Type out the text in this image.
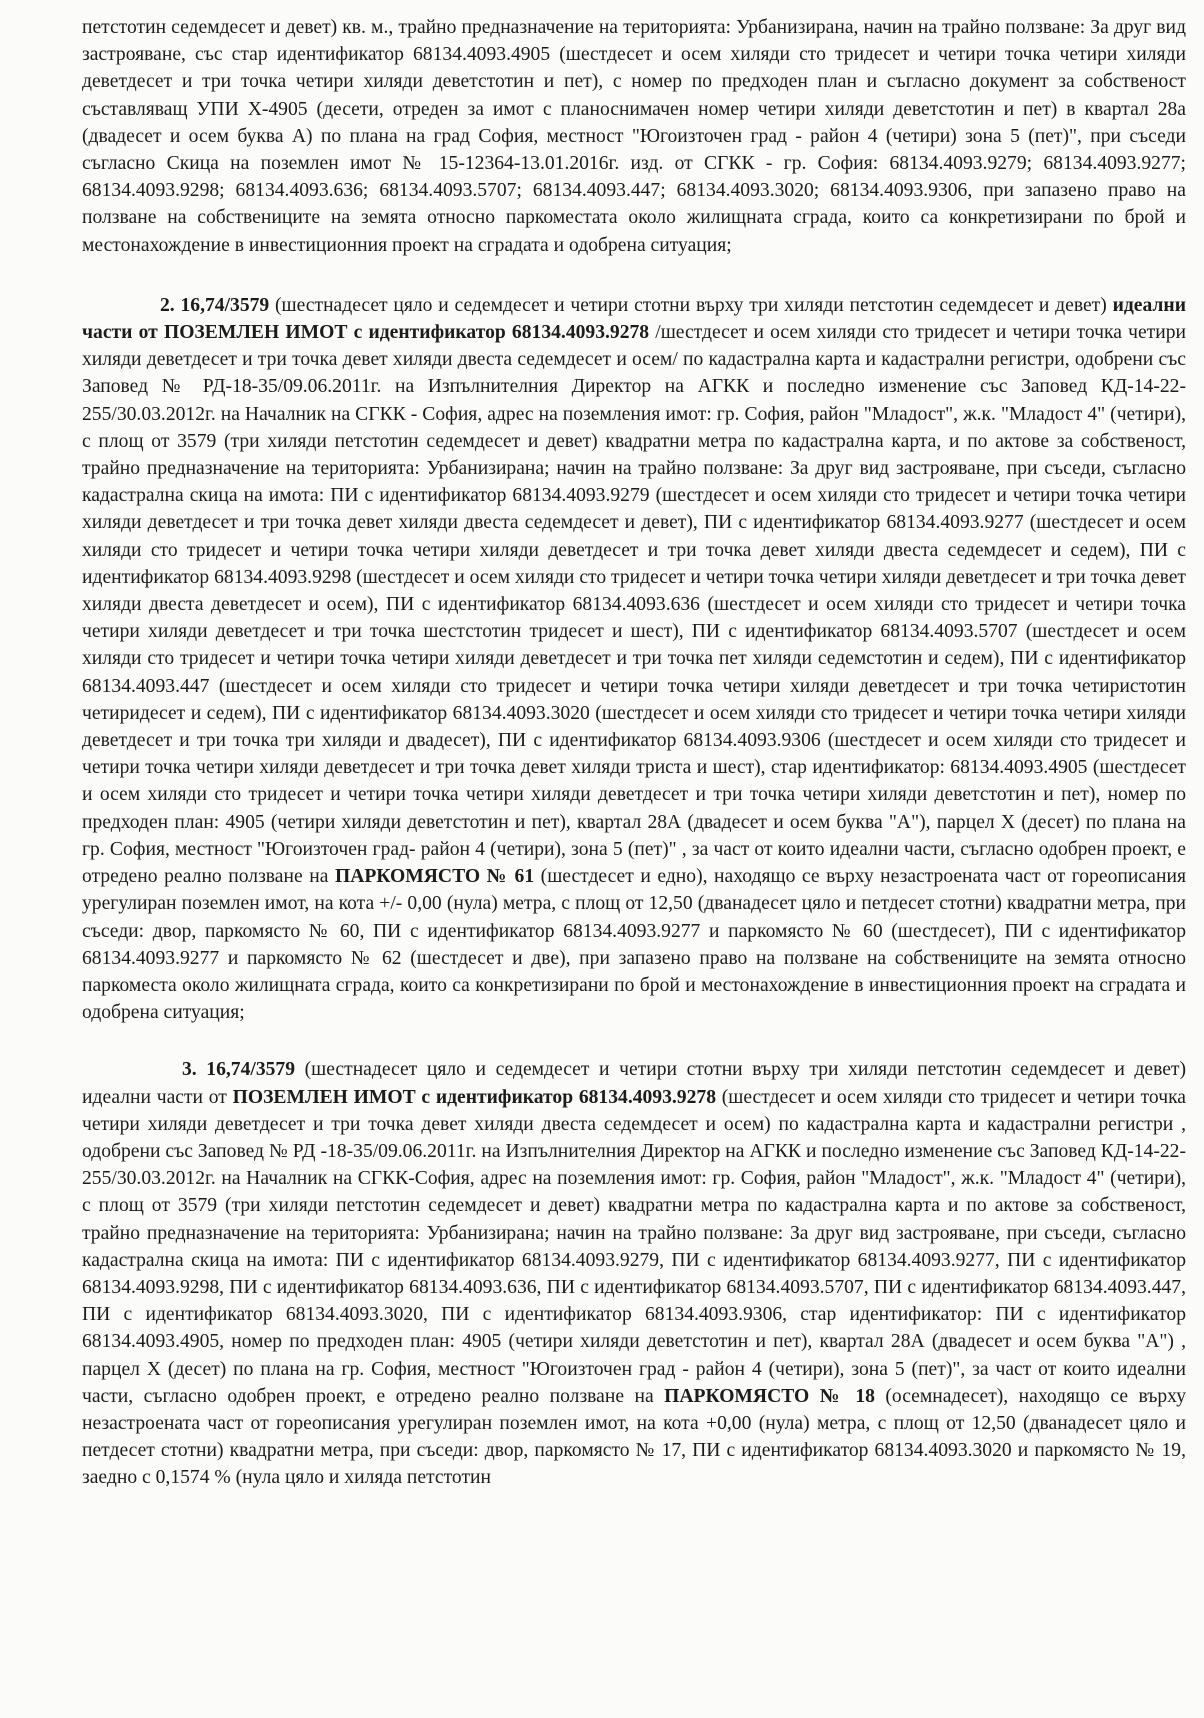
петстотин седемдесет и девет) кв. м., трайно предназначение на територията: Урбанизирана, начин на трайно ползване: За друг вид застрояване, със стар идентификатор 68134.4093.4905 (шестдесет и осем хиляди сто тридесет и четири точка четири хиляди деветдесет и три точка четири хиляди деветстотин и пет), с номер по предходен план и съгласно документ за собственост съставляващ УПИ Х-4905 (десети, отреден за имот с планоснимачен номер четири хиляди деветстотин и пет) в квартал 28а (двадесет и осем буква А) по плана на град София, местност "Югоизточен град - район 4 (четири) зона 5 (пет)", при съседи съгласно Скица на поземлен имот № 15-12364-13.01.2016г. изд. от СГКК - гр. София: 68134.4093.9279; 68134.4093.9277; 68134.4093.9298; 68134.4093.636; 68134.4093.5707; 68134.4093.447; 68134.4093.3020; 68134.4093.9306, при запазено право на ползване на собствениците на земята относно паркоместата около жилищната сграда, които са конкретизирани по брой и местонахождение в инвестиционния проект на сградата и одобрена ситуация;

2. 16,74/3579 (шестнадесет цяло и седемдесет и четири стотни върху три хиляди петстотин седемдесет и девет) идеални части от ПОЗЕМЛЕН ИМОТ с идентификатор 68134.4093.9278 /шестдесет и осем хиляди сто тридесет и четири точка четири хиляди деветдесет и три точка девет хиляди двеста седемдесет и осем/ по кадастрална карта и кадастрални регистри, одобрени със Заповед № РД-18-35/09.06.2011г. на Изпълнителния Директор на АГКК и последно изменение със Заповед КД-14-22-255/30.03.2012г. на Началник на СГКК - София, адрес на поземления имот: гр. София, район "Младост", ж.к. "Младост 4" (четири), с площ от 3579 (три хиляди петстотин седемдесет и девет) квадратни метра по кадастрална карта, и по актове за собственост, трайно предназначение на територията: Урбанизирана; начин на трайно ползване: За друг вид застрояване, при съседи, съгласно кадастрална скица на имота: ПИ с идентификатор 68134.4093.9279 (шестдесет и осем хиляди сто тридесет и четири точка четири хиляди деветдесет и три точка девет хиляди двеста седемдесет и девет), ПИ с идентификатор 68134.4093.9277 (шестдесет и осем хиляди сто тридесет и четири точка четири хиляди деветдесет и три точка девет хиляди двеста седемдесет и седем), ПИ с идентификатор 68134.4093.9298 (шестдесет и осем хиляди сто тридесет и четири точка четири хиляди деветдесет и три точка девет хиляди двеста деветдесет и осем), ПИ с идентификатор 68134.4093.636 (шестдесет и осем хиляди сто тридесет и четири точка четири хиляди деветдесет и три точка шестстотин тридесет и шест), ПИ с идентификатор 68134.4093.5707 (шестдесет и осем хиляди сто тридесет и четири точка четири хиляди деветдесет и три точка пет хиляди седемстотин и седем), ПИ с идентификатор 68134.4093.447 (шестдесет и осем хиляди сто тридесет и четири точка четири хиляди деветдесет и три точка четиристотин четиридесет и седем), ПИ с идентификатор 68134.4093.3020 (шестдесет и осем хиляди сто тридесет и четири точка четири хиляди деветдесет и три точка три хиляди и двадесет), ПИ с идентификатор 68134.4093.9306 (шестдесет и осем хиляди сто тридесет и четири точка четири хиляди деветдесет и три точка девет хиляди триста и шест), стар идентификатор: 68134.4093.4905 (шестдесет и осем хиляди сто тридесет и четири точка четири хиляди деветдесет и три точка четири хиляди деветстотин и пет), номер по предходен план: 4905 (четири хиляди деветстотин и пет), квартал 28А (двадесет и осем буква "А"), парцел Х (десет) по плана на гр. София, местност "Югоизточен град- район 4 (четири), зона 5 (пет)" , за част от които идеални части, съгласно одобрен проект, е отредено реално ползване на ПАРКОМЯСТО № 61 (шестдесет и едно), находящо се върху незастроената част от гореописания урегулиран поземлен имот, на кота +/- 0,00 (нула) метра, с площ от 12,50 (дванадесет цяло и петдесет стотни) квадратни метра, при съседи: двор, паркомясто № 60, ПИ с идентификатор 68134.4093.9277 и паркомясто № 60 (шестдесет), ПИ с идентификатор 68134.4093.9277 и паркомясто № 62 (шестдесет и две), при запазено право на ползване на собствениците на земята относно паркоместа около жилищната сграда, които са конкретизирани по брой и местонахождение в инвестиционния проект на сградата и одобрена ситуация;

3. 16,74/3579 (шестнадесет цяло и седемдесет и четири стотни върху три хиляди петстотин седемдесет и девет) идеални части от ПОЗЕМЛЕН ИМОТ с идентификатор 68134.4093.9278 (шестдесет и осем хиляди сто тридесет и четири точка четири хиляди деветдесет и три точка девет хиляди двеста седемдесет и осем) по кадастрална карта и кадастрални регистри , одобрени със Заповед № РД -18-35/09.06.2011г. на Изпълнителния Директор на АГКК и последно изменение със Заповед КД-14-22-255/30.03.2012г. на Началник на СГКК-София, адрес на поземления имот: гр. София, район "Младост", ж.к. "Младост 4" (четири), с площ от 3579 (три хиляди петстотин седемдесет и девет) квадратни метра по кадастрална карта и по актове за собственост, трайно предназначение на територията: Урбанизирана; начин на трайно ползване: За друг вид застрояване, при съседи, съгласно кадастрална скица на имота: ПИ с идентификатор 68134.4093.9279, ПИ с идентификатор 68134.4093.9277, ПИ с идентификатор 68134.4093.9298, ПИ с идентификатор 68134.4093.636, ПИ с идентификатор 68134.4093.5707, ПИ с идентификатор 68134.4093.447, ПИ с идентификатор 68134.4093.3020, ПИ с идентификатор 68134.4093.9306, стар идентификатор: ПИ с идентификатор 68134.4093.4905, номер по предходен план: 4905 (четири хиляди деветстотин и пет), квартал 28А (двадесет и осем буква "А") , парцел Х (десет) по плана на гр. София, местност "Югоизточен град - район 4 (четири), зона 5 (пет)", за част от които идеални части, съгласно одобрен проект, е отредено реално ползване на ПАРКОМЯСТО № 18 (осемнадесет), находящо се върху незастроената част от гореописания урегулиран поземлен имот, на кота +0,00 (нула) метра, с площ от 12,50 (дванадесет цяло и петдесет стотни) квадратни метра, при съседи: двор, паркомясто № 17, ПИ с идентификатор 68134.4093.3020 и паркомясто № 19, заедно с 0,1574 % (нула цяло и хиляда петстотин
